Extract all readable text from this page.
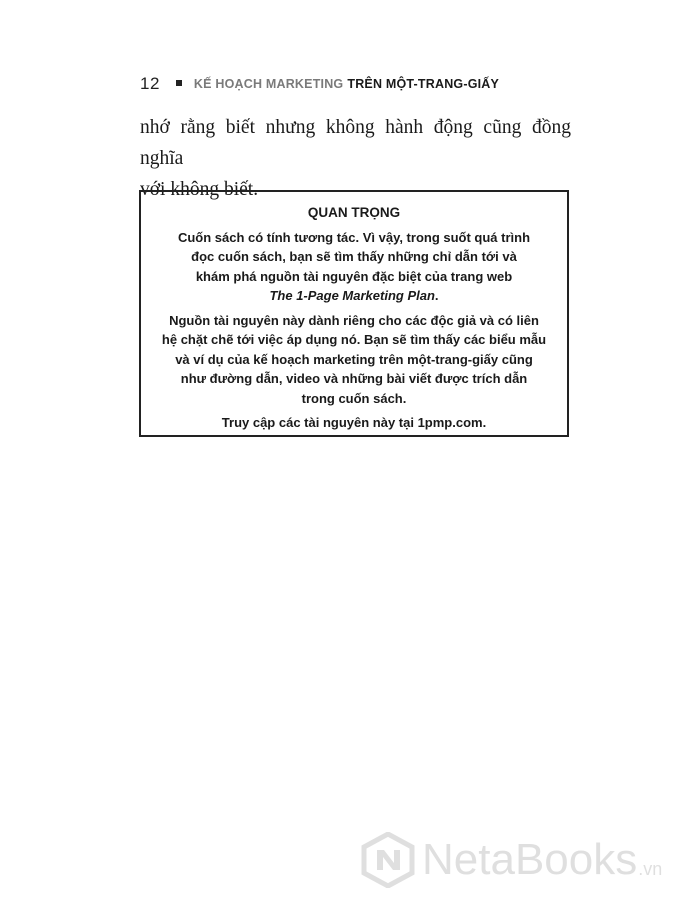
12	KẾ HOẠCH MARKETING TRÊN MỘT-TRANG-GIẤY
nhớ rằng biết nhưng không hành động cũng đồng nghĩa
với không biết.
QUAN TRỌNG
Cuốn sách có tính tương tác. Vì vậy, trong suốt quá trình
đọc cuốn sách, bạn sẽ tìm thấy những chỉ dẫn tới và
khám phá nguồn tài nguyên đặc biệt của trang web
The 1-Page Marketing Plan.
Nguồn tài nguyên này dành riêng cho các độc giả và có liên
hệ chặt chẽ tới việc áp dụng nó. Bạn sẽ tìm thấy các biểu mẫu
và ví dụ của kế hoạch marketing trên một-trang-giấy cũng
như đường dẫn, video và những bài viết được trích dẫn
trong cuốn sách.
Truy cập các tài nguyên này tại 1pmp.com.
NetaBooks .vn
